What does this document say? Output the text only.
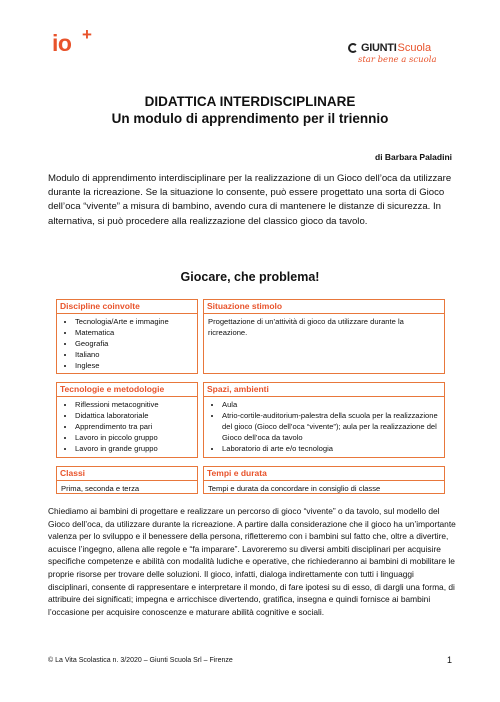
io +
GIUNTI Scuola
star bene a scuola
DIDATTICA INTERDISCIPLINARE
Un modulo di apprendimento per il triennio
di Barbara Paladini
Modulo di apprendimento interdisciplinare per la realizzazione di un Gioco dell’oca da utilizzare durante la ricreazione. Se la situazione lo consente, può essere progettato una sorta di Gioco dell’oca “vivente” a misura di bambino, avendo cura di mantenere le distanze di sicurezza. In alternativa, si può procedere alla realizzazione del classico gioco da tavolo.
Giocare, che problema!
Discipline coinvolte
• Tecnologia/Arte e immagine
• Matematica
• Geografia
• Italiano
• Inglese
Situazione stimolo
Progettazione di un’attività di gioco da utilizzare durante la ricreazione.
Tecnologie e metodologie
• Riflessioni metacognitive
• Didattica laboratoriale
• Apprendimento tra pari
• Lavoro in piccolo gruppo
• Lavoro in grande gruppo
Spazi, ambienti
• Aula
• Atrio-cortile-auditorium-palestra della scuola per la realizzazione del gioco (Gioco dell’oca “vivente”); aula per la realizzazione del Gioco dell’oca da tavolo
• Laboratorio di arte e/o tecnologia
Classi
Prima, seconda e terza
Tempi e durata
Tempi e durata da concordare in consiglio di classe
Chiediamo ai bambini di progettare e realizzare un percorso di gioco “vivente” o da tavolo, sul modello del Gioco dell’oca, da utilizzare durante la ricreazione. A partire dalla considerazione che il gioco ha un’importante valenza per lo sviluppo e il benessere della persona, rifletteremo con i bambini sul fatto che, oltre a divertire, acuisce l’ingegno, allena alle regole e “fa imparare”. Lavoreremo su diversi ambiti disciplinari per acquisire specifiche competenze e abilità con modalità ludiche e operative, che richiederanno ai bambini di mobilitare le proprie risorse per trovare delle soluzioni. Il gioco, infatti, dialoga indirettamente con tutti i linguaggi disciplinari, consente di rappresentare e interpretare il mondo, di fare ipotesi su di esso, di dargli una forma, di attribuire dei significati; impegna e arricchisce divertendo, gratifica, insegna e quindi fornisce ai bambini l’occasione per acquisire conoscenze e maturare abilità cognitive e sociali.
© La Vita Scolastica n. 3/2020 – Giunti Scuola Srl – Firenze	1
